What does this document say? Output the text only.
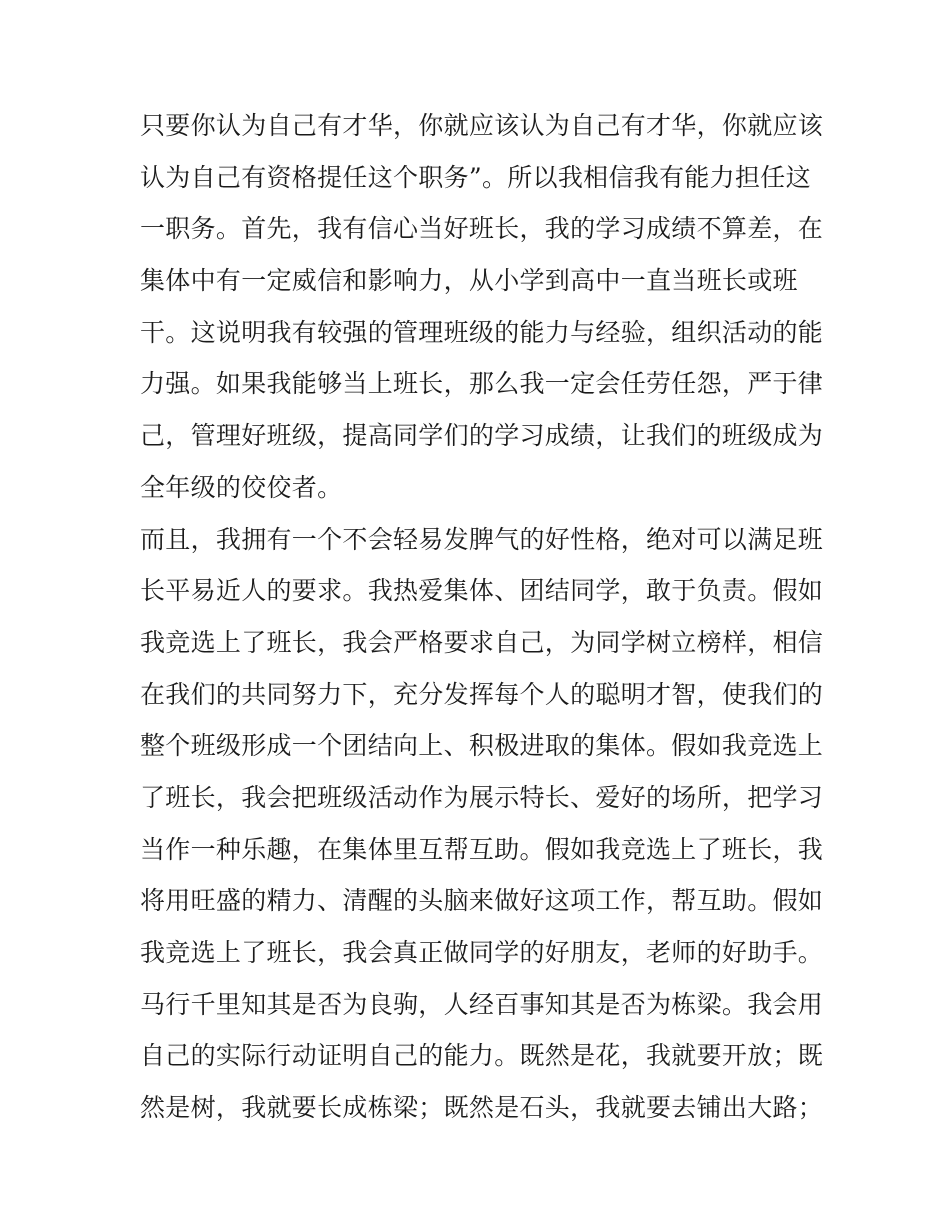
只要你认为自己有才华，你就应该认为自己有才华，你就应该
认为自己有资格提任这个职务”。所以我相信我有能力担任这
一职务。首先，我有信心当好班长，我的学习成绩不算差，在
集体中有一定威信和影响力，从小学到高中一直当班长或班
干。这说明我有较强的管理班级的能力与经验，组织活动的能
力强。如果我能够当上班长，那么我一定会任劳任怨，严于律
己，管理好班级，提高同学们的学习成绩，让我们的班级成为
全年级的佼佼者。
而且，我拥有一个不会轻易发脾气的好性格，绝对可以满足班
长平易近人的要求。我热爱集体、团结同学，敢于负责。假如
我竞选上了班长，我会严格要求自己，为同学树立榜样，相信
在我们的共同努力下，充分发挥每个人的聪明才智，使我们的
整个班级形成一个团结向上、积极进取的集体。假如我竞选上
了班长，我会把班级活动作为展示特长、爱好的场所，把学习
当作一种乐趣，在集体里互帮互助。假如我竞选上了班长，我
将用旺盛的精力、清醒的头脑来做好这项工作，帮互助。假如
我竞选上了班长，我会真正做同学的好朋友，老师的好助手。
马行千里知其是否为良驹，人经百事知其是否为栋梁。我会用
自己的实际行动证明自己的能力。既然是花，我就要开放；既
然是树，我就要长成栋梁；既然是石头，我就要去铺出大路；
